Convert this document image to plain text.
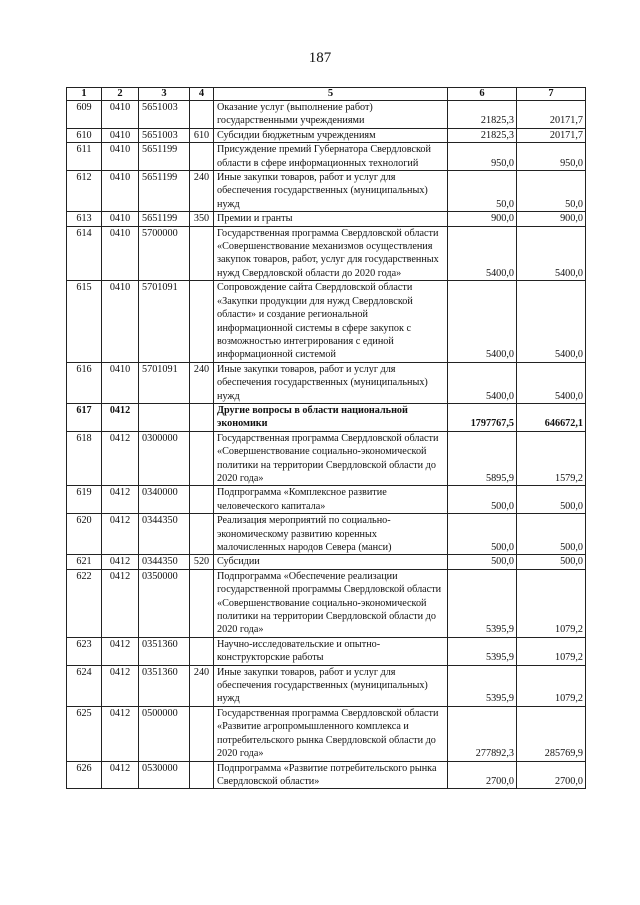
187
1	2	3	4	5	6	7
609	0410	5651003		Оказание услуг (выполнение работ) государственными учреждениями	21825,3	20171,7
610	0410	5651003	610	Субсидии бюджетным учреждениям	21825,3	20171,7
611	0410	5651199		Присуждение премий Губернатора Свердловской области в сфере информационных технологий	950,0	950,0
612	0410	5651199	240	Иные закупки товаров, работ и услуг для обеспечения государственных (муниципальных) нужд	50,0	50,0
613	0410	5651199	350	Премии и гранты	900,0	900,0
614	0410	5700000		Государственная программа Свердловской области «Совершенствование механизмов осуществления закупок товаров, работ, услуг для государственных нужд Свердловской области до 2020 года»	5400,0	5400,0
615	0410	5701091		Сопровождение сайта Свердловской области «Закупки продукции для нужд Свердловской области» и создание региональной информационной системы в сфере закупок с возможностью интегрирования с единой информационной системой	5400,0	5400,0
616	0410	5701091	240	Иные закупки товаров, работ и услуг для обеспечения государственных (муниципальных) нужд	5400,0	5400,0
617	0412			Другие вопросы в области национальной экономики	1797767,5	646672,1
618	0412	0300000		Государственная программа Свердловской области «Совершенствование социально-экономической политики на территории Свердловской области до 2020 года»	5895,9	1579,2
619	0412	0340000		Подпрограмма «Комплексное развитие человеческого капитала»	500,0	500,0
620	0412	0344350		Реализация мероприятий по социально-экономическому развитию коренных малочисленных народов Севера (манси)	500,0	500,0
621	0412	0344350	520	Субсидии	500,0	500,0
622	0412	0350000		Подпрограмма «Обеспечение реализации государственной программы Свердловской области «Совершенствование социально-экономической политики на территории Свердловской области до 2020 года»	5395,9	1079,2
623	0412	0351360		Научно-исследовательские и опытно-конструкторские работы	5395,9	1079,2
624	0412	0351360	240	Иные закупки товаров, работ и услуг для обеспечения государственных (муниципальных) нужд	5395,9	1079,2
625	0412	0500000		Государственная программа Свердловской области «Развитие агропромышленного комплекса и потребительского рынка Свердловской области до 2020 года»	277892,3	285769,9
626	0412	0530000		Подпрограмма «Развитие потребительского рынка Свердловской области»	2700,0	2700,0
